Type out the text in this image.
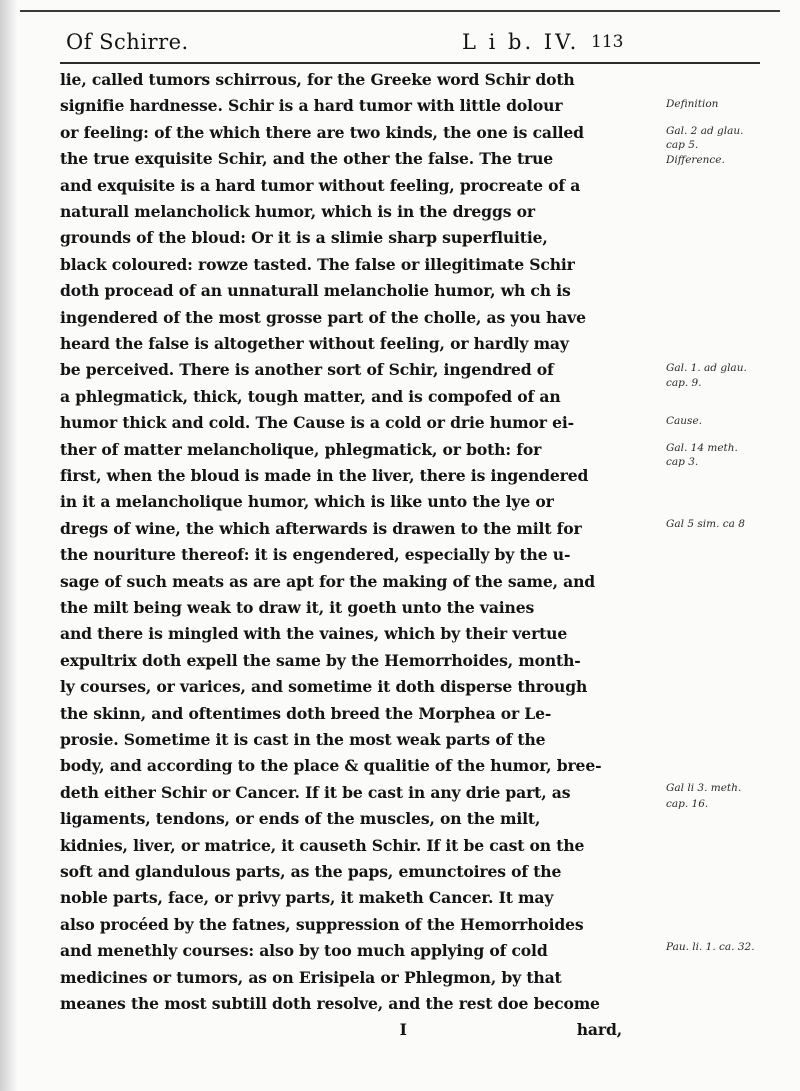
Of Schirre.	L i b. IV. 113
lie, called tumors schirrous, for the Greeke word Schir doth
signifie hardnesse. Schir is a hard tumor with little dolour
or feeling: of the which there are two kinds, the one is called
the true exquisite Schir, and the other the false. The true
and exquisite is a hard tumor without feeling, procreate of a
naturall melancholick humor, which is in the dreggs or
grounds of the bloud: Or it is a slimie sharp superfluitie,
black coloured: rowze tasted. The false or illegitimate Schir
doth procead of an unnaturall melancholie humor, wh ch is
ingendered of the most grosse part of the cholle, as you have
heard the false is altogether without feeling, or hardly may
be perceived. There is another sort of Schir, ingendred of
a phlegmatick, thick, tough matter, and is compofed of an
humor thick and cold. The Cause is a cold or drie humor ei-
ther of matter melancholique, phlegmatick, or both: for
first, when the bloud is made in the liver, there is ingendered
in it a melancholique humor, which is like unto the lye or
dregs of wine, the which afterwards is drawen to the milt for
the nouriture thereof: it is engendered, especially by the u-
sage of such meats as are apt for the making of the same, and
the milt being weak to draw it, it goeth unto the vaines
and there is mingled with the vaines, which by their vertue
expultrix doth expell the same by the Hemorrhoides, month-
ly courses, or varices, and sometime it doth disperse through
the skinn, and oftentimes doth breed the Morphea or Le-
prosie. Sometime it is cast in the most weak parts of the
body, and according to the place & qualitie of the humor, bree-
deth either Schir or Cancer. If it be cast in any drie part, as
ligaments, tendons, or ends of the muscles, on the milt,
kidnies, liver, or matrice, it causeth Schir. If it be cast on the
soft and glandulous parts, as the paps, emunctoires of the
noble parts, face, or privy parts, it maketh Cancer. It may
also procéed by the fatnes, suppression of the Hemorrhoides
and menethly courses: also by too much applying of cold
medicines or tumors, as on Erisipela or Phlegmon, by that
meanes the most subtill doth resolve, and the rest doe become
I	hard,
Definition
Gal. 2 ad glau.
cap 5.
Difference.
Gal. 1. ad glau.
cap. 9.
Cause.
Gal. 14 meth.
cap 3.
Gal 5 sim. ca 8
Gal li 3. meth.
cap. 16.
Pau. li. 1. ca. 32.
